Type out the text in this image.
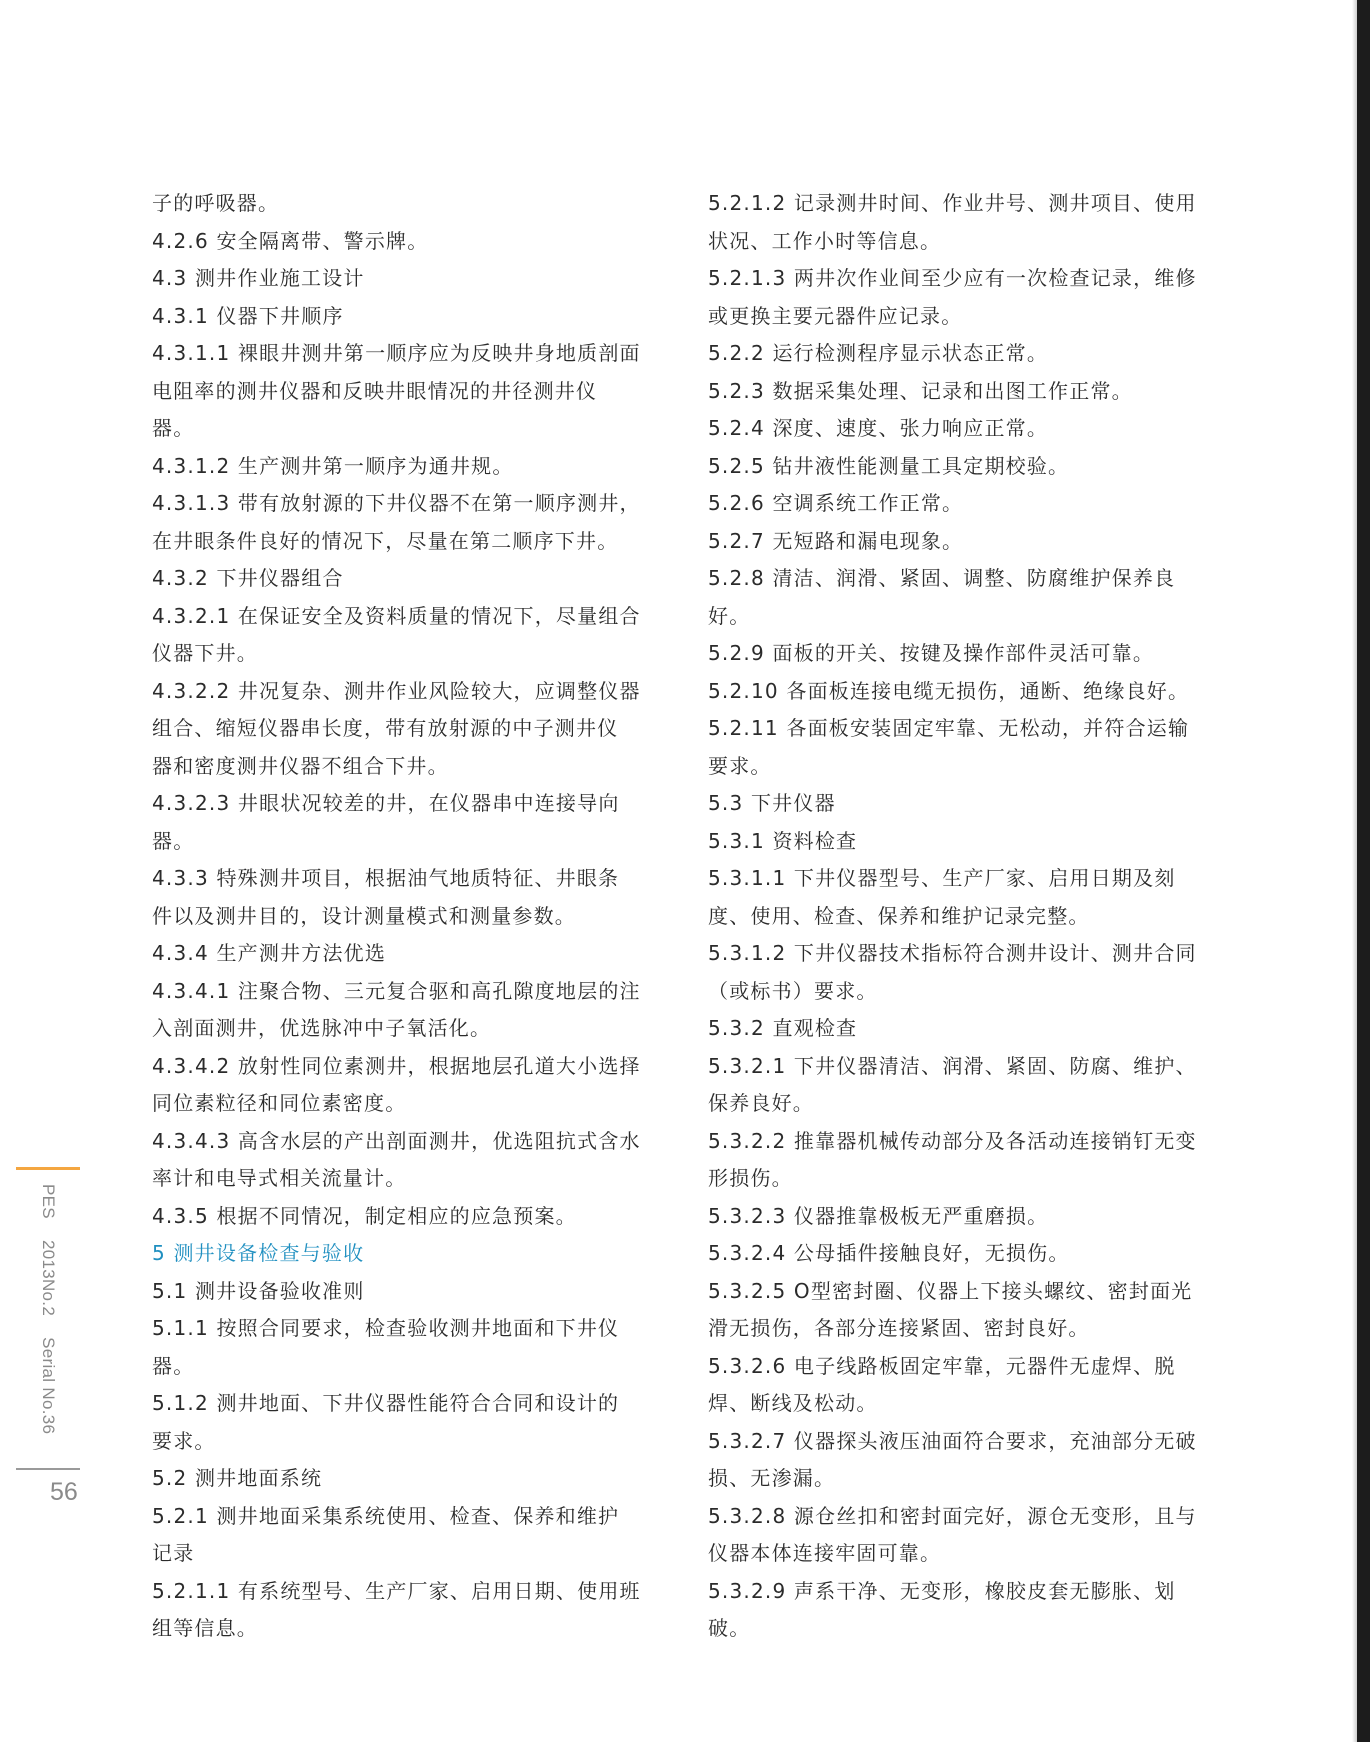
PES 2013No.2 Serial No.36
56
子的呼吸器。
4.2.6 安全隔离带、警示牌。
4.3 测井作业施工设计
4.3.1 仪器下井顺序
4.3.1.1 裸眼井测井第一顺序应为反映井身地质剖面
电阻率的测井仪器和反映井眼情况的井径测井仪
器。
4.3.1.2 生产测井第一顺序为通井规。
4.3.1.3 带有放射源的下井仪器不在第一顺序测井，
在井眼条件良好的情况下，尽量在第二顺序下井。
4.3.2 下井仪器组合
4.3.2.1 在保证安全及资料质量的情况下，尽量组合
仪器下井。
4.3.2.2 井况复杂、测井作业风险较大，应调整仪器
组合、缩短仪器串长度，带有放射源的中子测井仪
器和密度测井仪器不组合下井。
4.3.2.3 井眼状况较差的井，在仪器串中连接导向
器。
4.3.3 特殊测井项目，根据油气地质特征、井眼条
件以及测井目的，设计测量模式和测量参数。
4.3.4 生产测井方法优选
4.3.4.1 注聚合物、三元复合驱和高孔隙度地层的注
入剖面测井，优选脉冲中子氧活化。
4.3.4.2 放射性同位素测井，根据地层孔道大小选择
同位素粒径和同位素密度。
4.3.4.3 高含水层的产出剖面测井，优选阻抗式含水
率计和电导式相关流量计。
4.3.5 根据不同情况，制定相应的应急预案。
5 测井设备检查与验收
5.1 测井设备验收准则
5.1.1 按照合同要求，检查验收测井地面和下井仪
器。
5.1.2 测井地面、下井仪器性能符合合同和设计的
要求。
5.2 测井地面系统
5.2.1 测井地面采集系统使用、检查、保养和维护
记录
5.2.1.1 有系统型号、生产厂家、启用日期、使用班
组等信息。
5.2.1.2 记录测井时间、作业井号、测井项目、使用
状况、工作小时等信息。
5.2.1.3 两井次作业间至少应有一次检查记录，维修
或更换主要元器件应记录。
5.2.2 运行检测程序显示状态正常。
5.2.3 数据采集处理、记录和出图工作正常。
5.2.4 深度、速度、张力响应正常。
5.2.5 钻井液性能测量工具定期校验。
5.2.6 空调系统工作正常。
5.2.7 无短路和漏电现象。
5.2.8 清洁、润滑、紧固、调整、防腐维护保养良
好。
5.2.9 面板的开关、按键及操作部件灵活可靠。
5.2.10 各面板连接电缆无损伤，通断、绝缘良好。
5.2.11 各面板安装固定牢靠、无松动，并符合运输
要求。
5.3 下井仪器
5.3.1 资料检查
5.3.1.1 下井仪器型号、生产厂家、启用日期及刻
度、使用、检查、保养和维护记录完整。
5.3.1.2 下井仪器技术指标符合测井设计、测井合同
（或标书）要求。
5.3.2 直观检查
5.3.2.1 下井仪器清洁、润滑、紧固、防腐、维护、
保养良好。
5.3.2.2 推靠器机械传动部分及各活动连接销钉无变
形损伤。
5.3.2.3 仪器推靠极板无严重磨损。
5.3.2.4 公母插件接触良好，无损伤。
5.3.2.5 O型密封圈、仪器上下接头螺纹、密封面光
滑无损伤，各部分连接紧固、密封良好。
5.3.2.6 电子线路板固定牢靠，元器件无虚焊、脱
焊、断线及松动。
5.3.2.7 仪器探头液压油面符合要求，充油部分无破
损、无渗漏。
5.3.2.8 源仓丝扣和密封面完好，源仓无变形，且与
仪器本体连接牢固可靠。
5.3.2.9 声系干净、无变形，橡胶皮套无膨胀、划
破。
